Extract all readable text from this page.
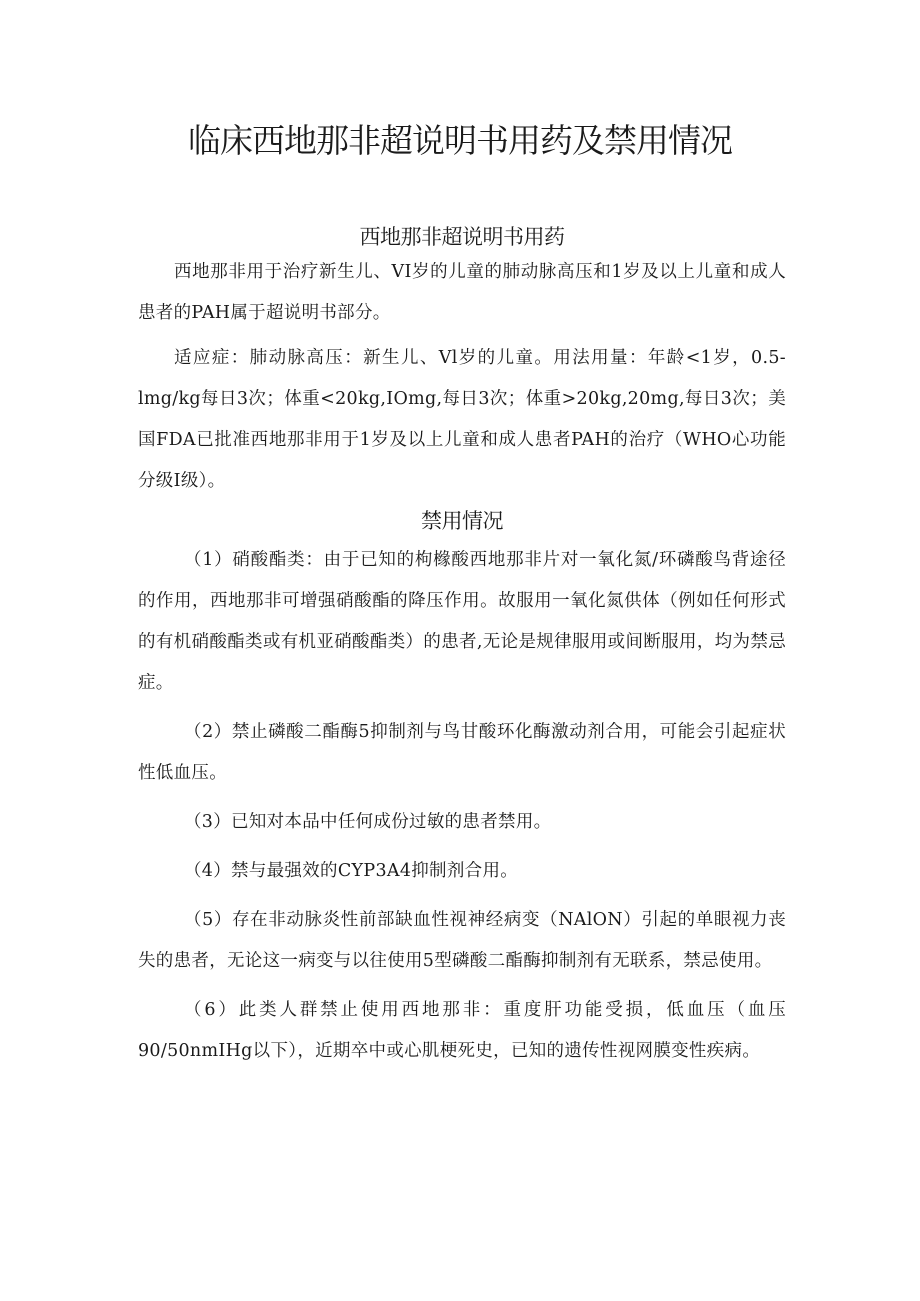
临床西地那非超说明书用药及禁用情况
西地那非超说明书用药

西地那非用于治疗新生儿、VI岁的儿童的肺动脉高压和1岁及以上儿童和成人患者的PAH属于超说明书部分。

适应症：肺动脉高压：新生儿、Vl岁的儿童。用法用量：年龄<1岁，0.5-lmg/kg每日3次；体重<20kg,IOmg,每日3次；体重>20kg,20mg,每日3次；美国FDA已批准西地那非用于1岁及以上儿童和成人患者PAH的治疗（WHO心功能分级I级）。

禁用情况

（1）硝酸酯类：由于已知的枸橼酸西地那非片对一氧化氮/环磷酸鸟背途径的作用，西地那非可增强硝酸酯的降压作用。故服用一氧化氮供体（例如任何形式的有机硝酸酯类或有机亚硝酸酯类）的患者,无论是规律服用或间断服用，均为禁忌症。

（2）禁止磷酸二酯酶5抑制剂与鸟甘酸环化酶激动剂合用，可能会引起症状性低血压。

（3）已知对本品中任何成份过敏的患者禁用。

（4）禁与最强效的CYP3A4抑制剂合用。

（5）存在非动脉炎性前部缺血性视神经病变（NAlON）引起的单眼视力丧失的患者，无论这一病变与以往使用5型磷酸二酯酶抑制剂有无联系，禁忌使用。

（6）此类人群禁止使用西地那非：重度肝功能受损，低血压（血压90/50nmIHg以下），近期卒中或心肌梗死史，已知的遗传性视网膜变性疾病。
